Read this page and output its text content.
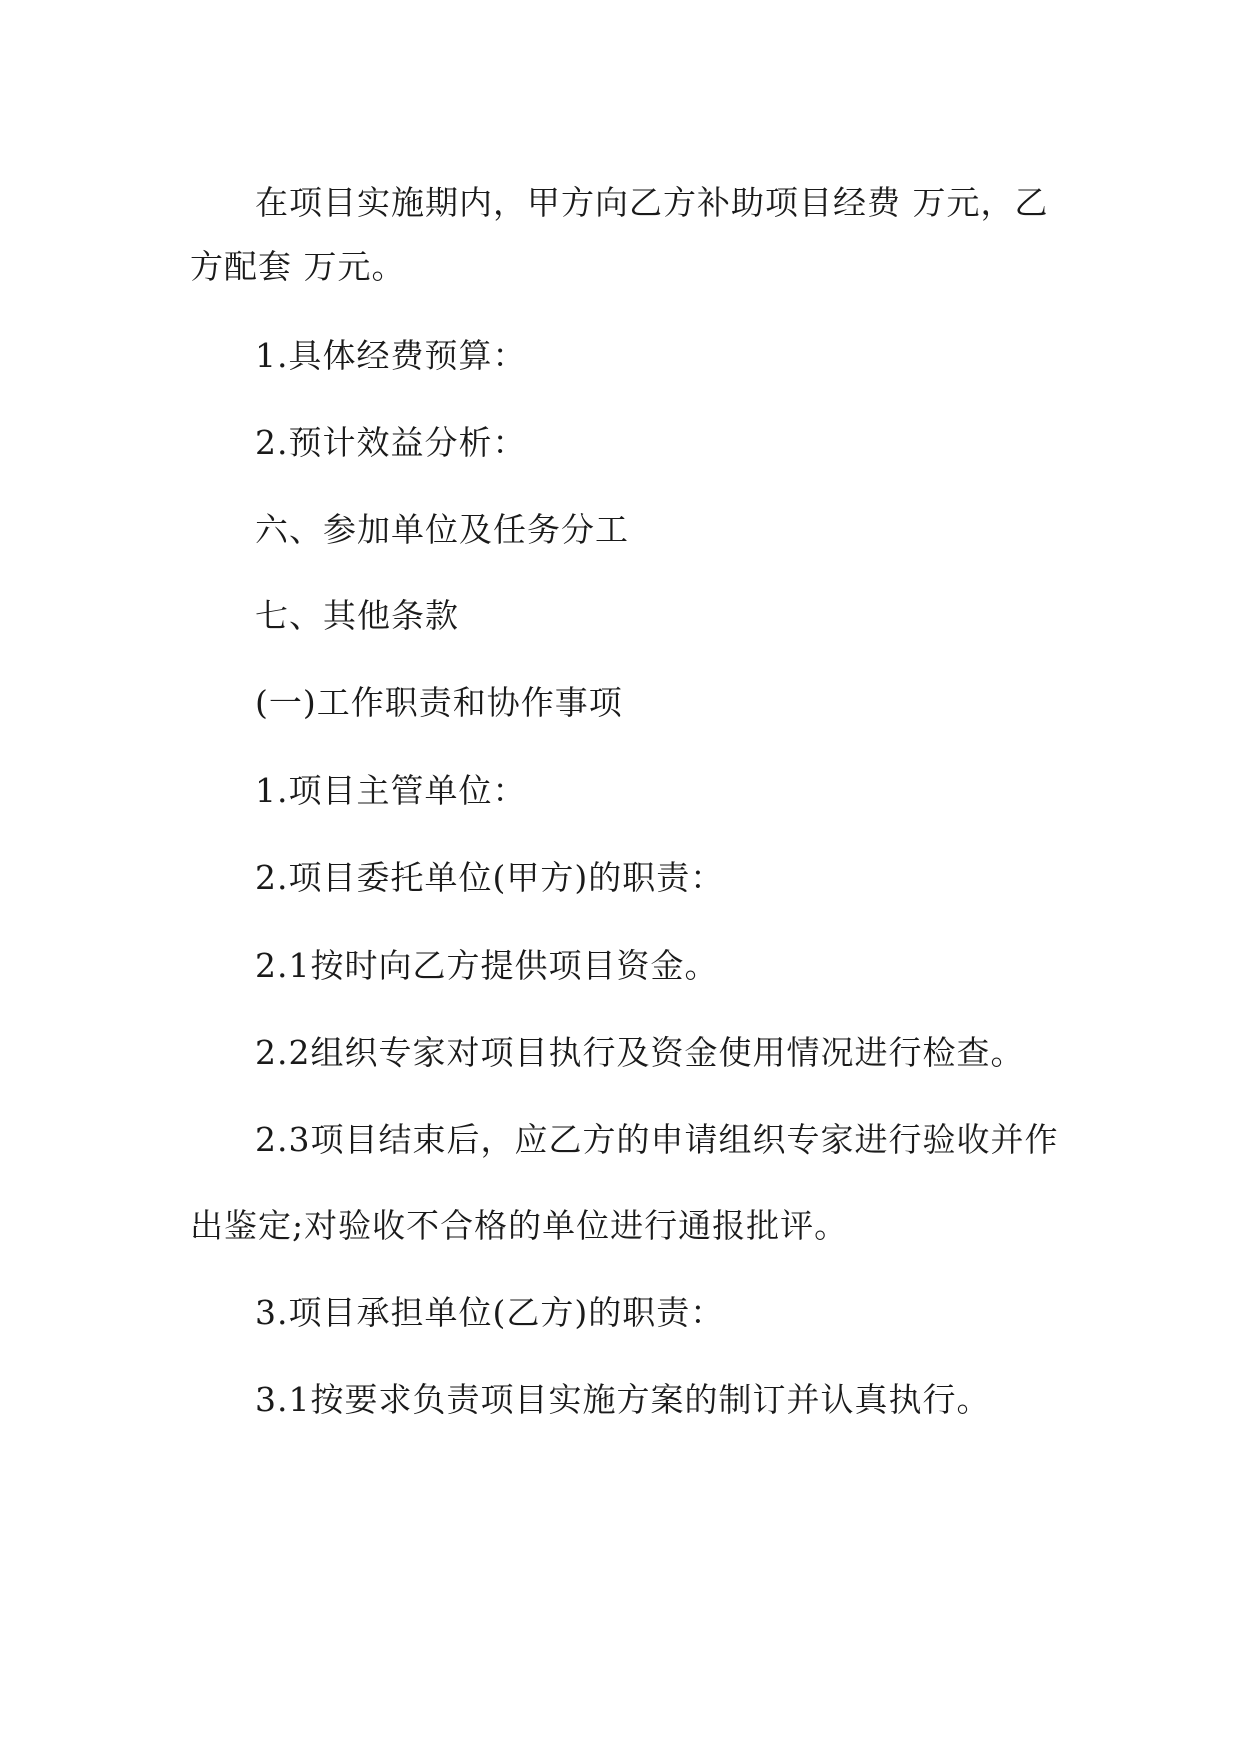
在项目实施期内，甲方向乙方补助项目经费 万元，乙
方配套 万元。
1.具体经费预算：
2.预计效益分析：
六、参加单位及任务分工
七、其他条款
(一)工作职责和协作事项
1.项目主管单位：
2.项目委托单位(甲方)的职责：
2.1按时向乙方提供项目资金。
2.2组织专家对项目执行及资金使用情况进行检查。
2.3项目结束后，应乙方的申请组织专家进行验收并作
出鉴定;对验收不合格的单位进行通报批评。
3.项目承担单位(乙方)的职责：
3.1按要求负责项目实施方案的制订并认真执行。
